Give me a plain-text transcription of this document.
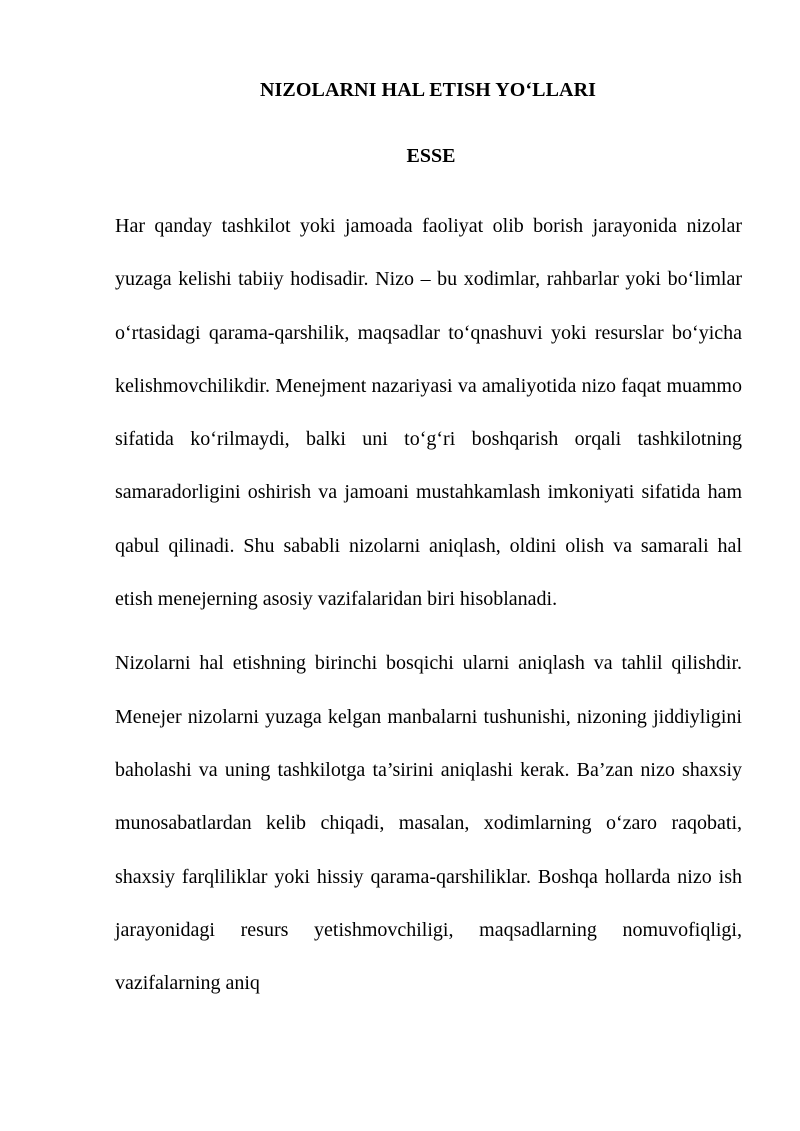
NIZOLARNI HAL ETISH YO‘LLARI
ESSE

Har qanday tashkilot yoki jamoada faoliyat olib borish jarayonida nizolar yuzaga kelishi tabiiy hodisadir. Nizo – bu xodimlar, rahbarlar yoki bo‘limlar o‘rtasidagi qarama-qarshilik, maqsadlar to‘qnashuvi yoki resurslar bo‘yicha kelishmovchilikdir. Menejment nazariyasi va amaliyotida nizo faqat muammo sifatida ko‘rilmaydi, balki uni to‘g‘ri boshqarish orqali tashkilotning samaradorligini oshirish va jamoani mustahkamlash imkoniyati sifatida ham qabul qilinadi. Shu sababli nizolarni aniqlash, oldini olish va samarali hal etish menejerning asosiy vazifalaridan biri hisoblanadi.

Nizolarni hal etishning birinchi bosqichi ularni aniqlash va tahlil qilishdir. Menejer nizolarni yuzaga kelgan manbalarni tushunishi, nizoning jiddiyligini baholashi va uning tashkilotga ta’sirini aniqlashi kerak. Ba’zan nizo shaxsiy munosabatlardan kelib chiqadi, masalan, xodimlarning o‘zaro raqobati, shaxsiy farqliliklar yoki hissiy qarama-qarshiliklar. Boshqa hollarda nizo ish jarayonidagi resurs yetishmovchiligi, maqsadlarning nomuvofiqligi, vazifalarning aniq
